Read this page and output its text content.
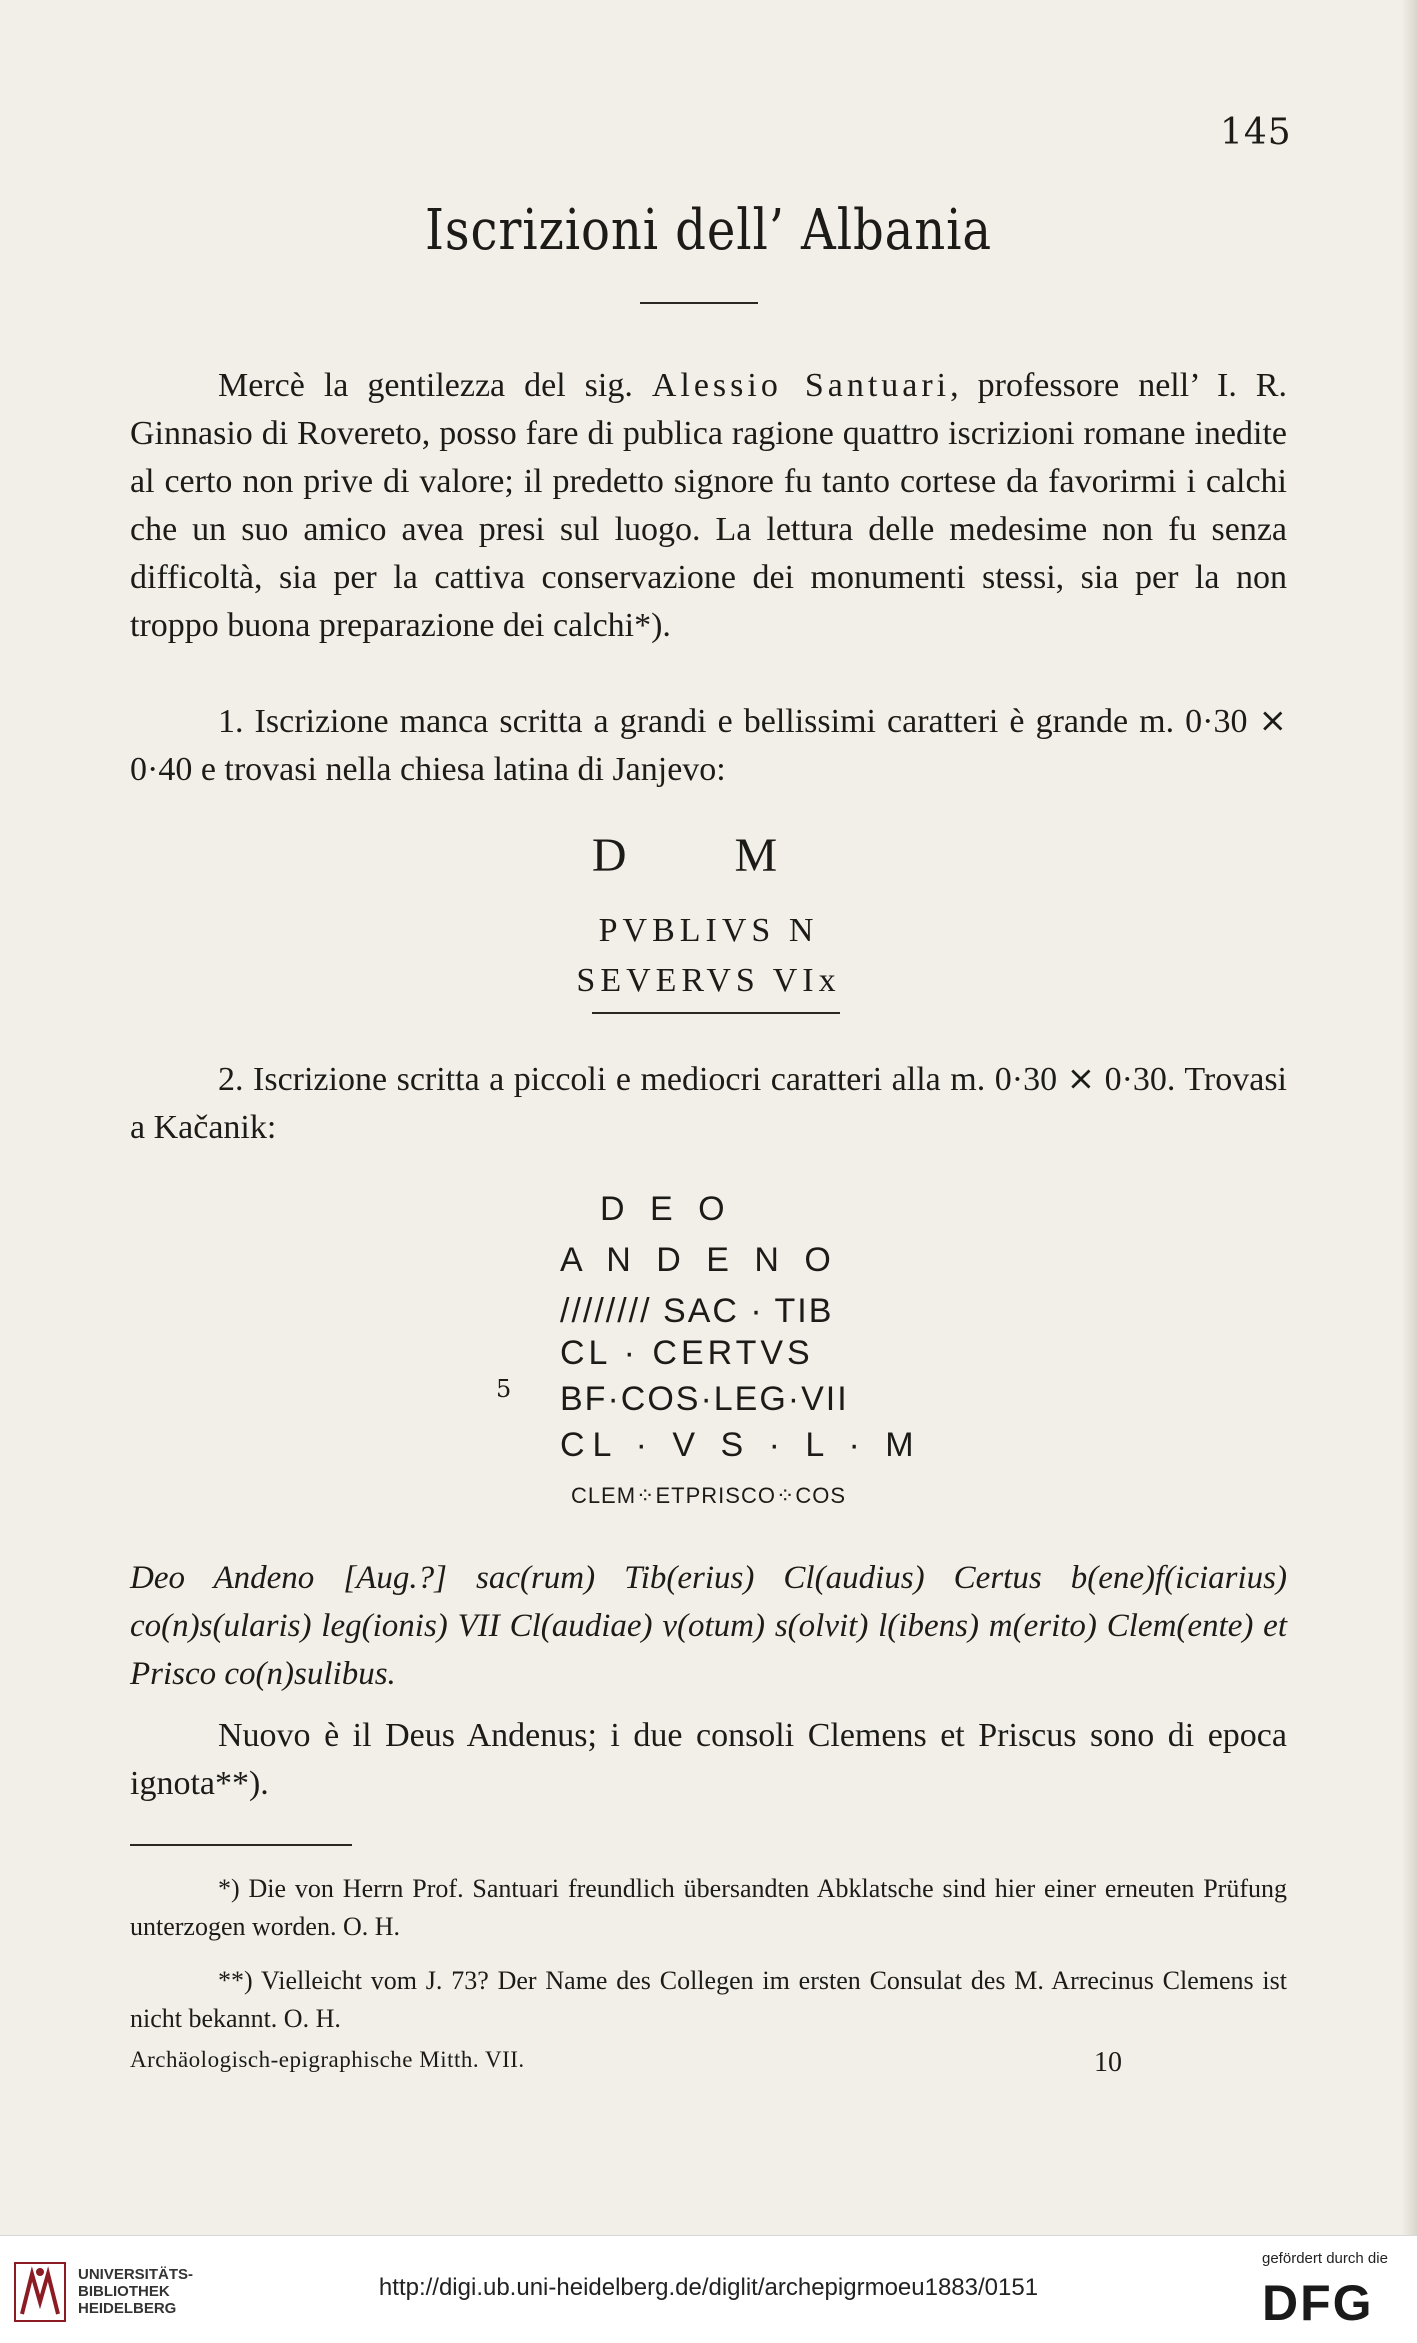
145
Iscrizioni dell’ Albania

Mercè la gentilezza del sig. Alessio Santuari, professore nell’ I. R. Ginnasio di Rovereto, posso fare di publica ragione quattro iscrizioni romane inedite al certo non prive di valore; il predetto signore fu tanto cortese da favorirmi i calchi che un suo amico avea presi sul luogo. La lettura delle medesime non fu senza difficoltà, sia per la cattiva conservazione dei monumenti stessi, sia per la non troppo buona preparazione dei calchi*).

1. Iscrizione manca scritta a grandi e bellissimi caratteri è grande m. 0·30 ⨯ 0·40 e trovasi nella chiesa latina di Janjevo:

D M
PVBLIVS N
SEVERVS VIx

2. Iscrizione scritta a piccoli e mediocri caratteri alla m. 0·30 ⨯ 0·30. Trovasi a Kačanik:

D E O
A N D E N O
//////// SAC · TIB
CL · CERTVS
5 BF·COS·LEG·VII
CL · V S · L · M
CLEM⁘ETPRISCO⁘COS
Deo Andeno [Aug.?] sac(rum) Tib(erius) Cl(audius) Certus b(ene)f(iciarius) co(n)s(ularis) leg(ionis) VII Cl(audiae) v(otum) s(olvit) l(ibens) m(erito) Clem(ente) et Prisco co(n)sulibus.

Nuovo è il Deus Andenus; i due consoli Clemens et Priscus sono di epoca ignota**).

*) Die von Herrn Prof. Santuari freundlich übersandten Abklatsche sind hier einer erneuten Prüfung unterzogen worden. O. H.

**) Vielleicht vom J. 73? Der Name des Collegen im ersten Consulat des M. Arrecinus Clemens ist nicht bekannt. O. H.

Archäologisch-epigraphische Mitth. VII.	10
UNIVERSITÄTS-
BIBLIOTHEK
HEIDELBERG
http://digi.ub.uni-heidelberg.de/diglit/archepigrmoeu1883/0151
gefördert durch die
DFG
